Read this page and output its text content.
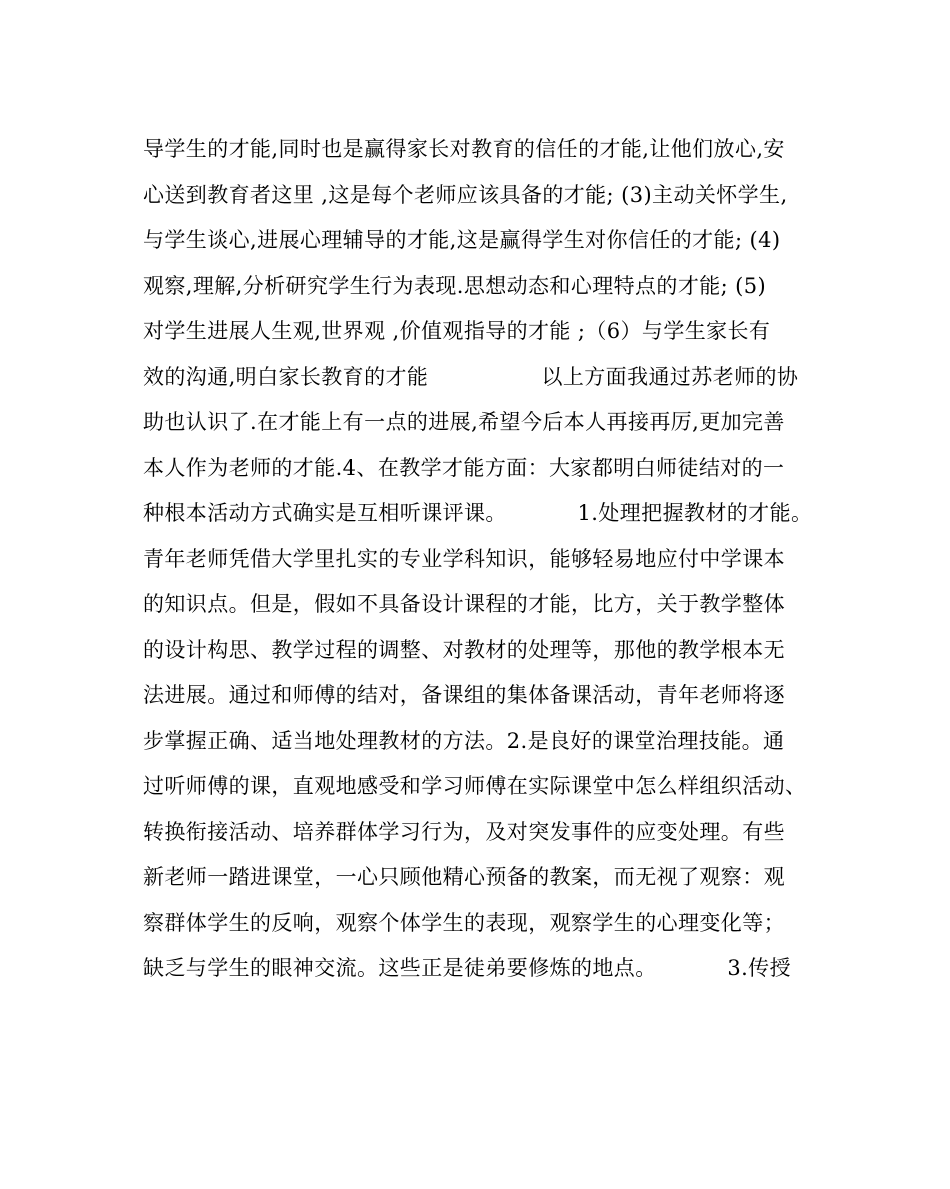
导学生的才能,同时也是赢得家长对教育的信任的才能,让他们放心,安
心送到教育者这里 ,这是每个老师应该具备的才能; (3)主动关怀学生,
与学生谈心,进展心理辅导的才能,这是赢得学生对你信任的才能; (4)
观察,理解,分析研究学生行为表现.思想动态和心理特点的才能; (5)
对学生进展人生观,世界观 ,价值观指导的才能 ;（6）与学生家长有
效的沟通,明白家长教育的才能                以上方面我通过苏老师的协
助也认识了.在才能上有一点的进展,希望今后本人再接再厉,更加完善
本人作为老师的才能.4、在教学才能方面：大家都明白师徒结对的一
种根本活动方式确实是互相听课评课。          1.处理把握教材的才能。
青年老师凭借大学里扎实的专业学科知识，能够轻易地应付中学课本
的知识点。但是，假如不具备设计课程的才能，比方，关于教学整体
的设计构思、教学过程的调整、对教材的处理等，那他的教学根本无
法进展。通过和师傅的结对，备课组的集体备课活动，青年老师将逐
步掌握正确、适当地处理教材的方法。2.是良好的课堂治理技能。通
过听师傅的课，直观地感受和学习师傅在实际课堂中怎么样组织活动、
转换衔接活动、培养群体学习行为，及对突发事件的应变处理。有些
新老师一踏进课堂，一心只顾他精心预备的教案，而无视了观察：观
察群体学生的反响，观察个体学生的表现，观察学生的心理变化等；
缺乏与学生的眼神交流。这些正是徒弟要修炼的地点。          3.传授
